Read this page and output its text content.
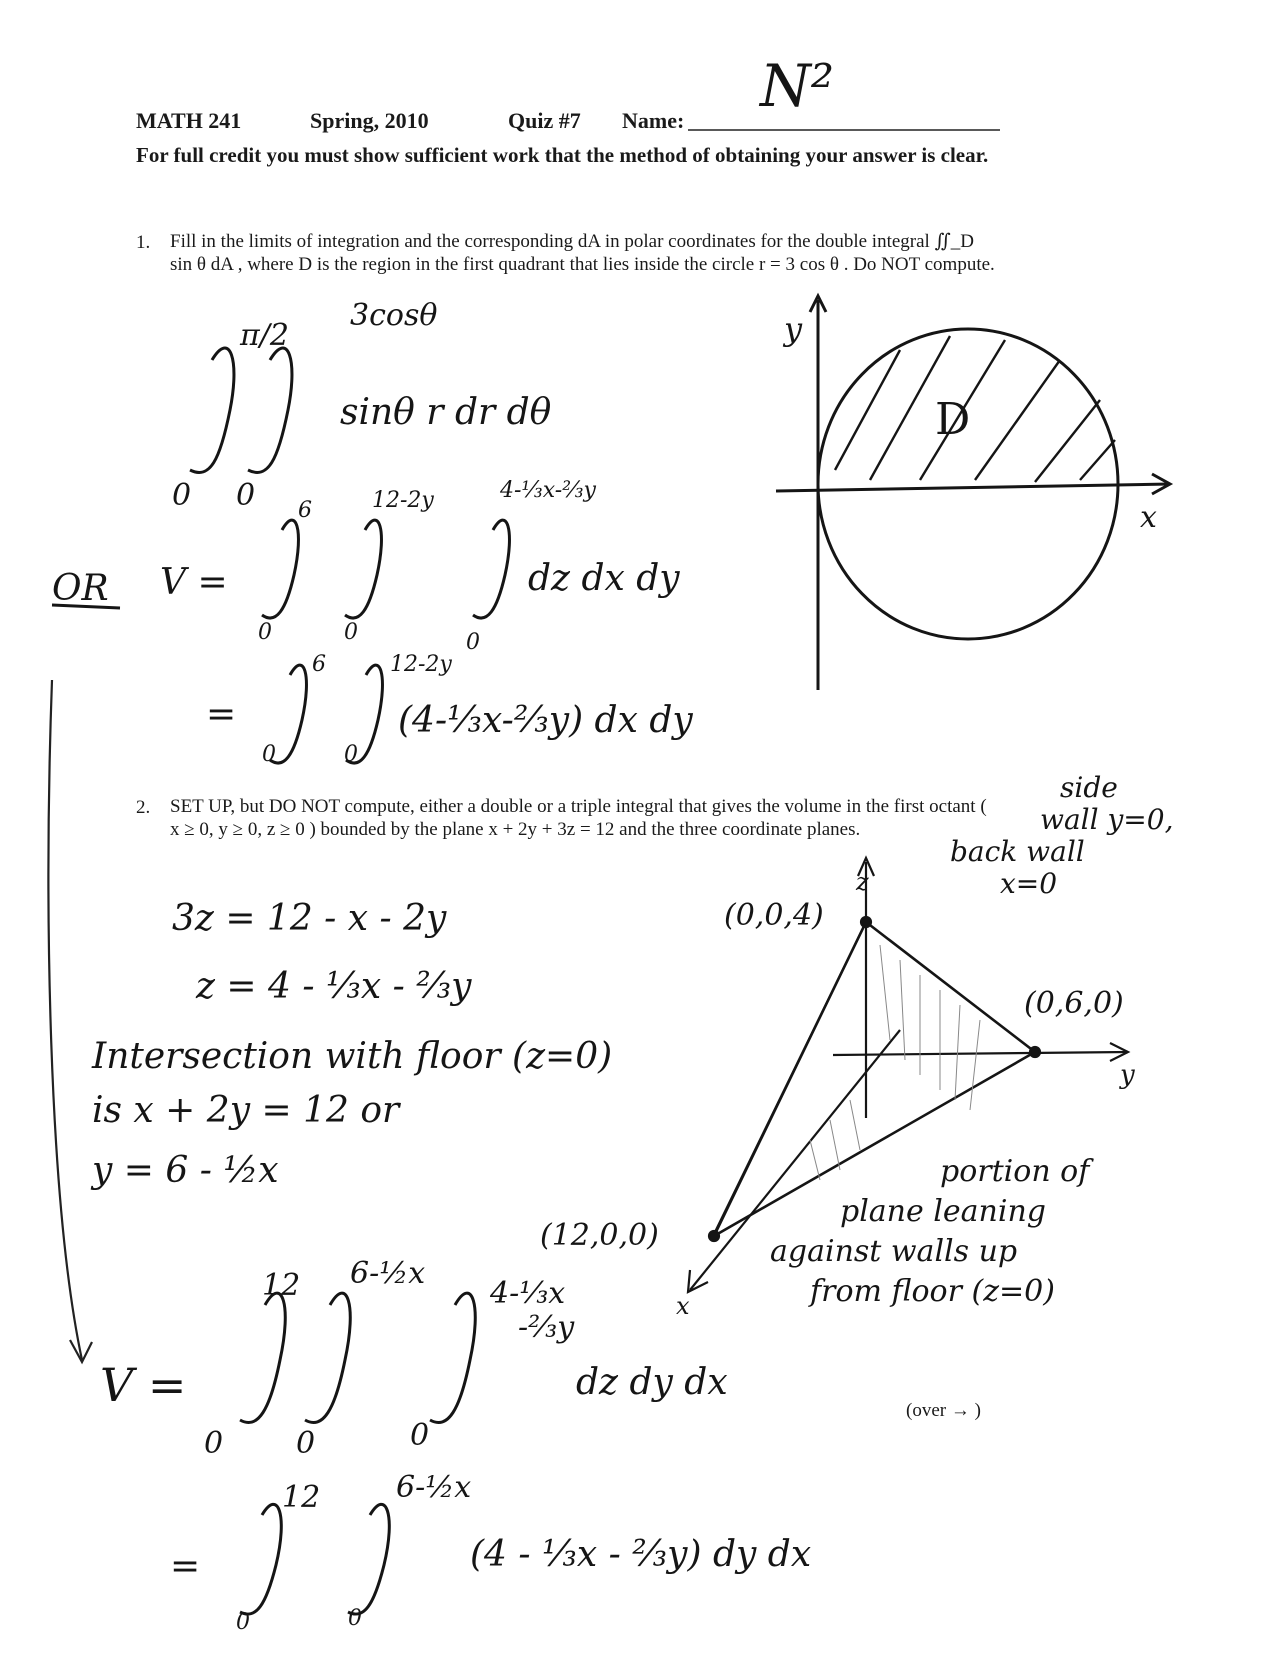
MATH 241	Spring, 2010	Quiz #7 Name:
N²
For full credit you must show sufficient work that the method of obtaining your answer is clear.
1. Fill in the limits of integration and the corresponding dA in polar coordinates for the double integral ∬_D sin θ dA , where D is the region in the first quadrant that lies inside the circle r = 3 cos θ . Do NOT compute.
π/2
3cosθ
sinθ r dr dθ
0 0
y
x
D
OR V =
6	12-2y	4-⅓x-⅔y
dz dx dy
0	0	0
=
6	12-2y
(4-⅓x-⅔y) dx dy
0	0
2. SET UP, but DO NOT compute, either a double or a triple integral that gives the volume in the first octant ( x ≥ 0, y ≥ 0, z ≥ 0 ) bounded by the plane x + 2y + 3z = 12 and the three coordinate planes.
side
wall y=0,
back wall
x=0
3z = 12 - x - 2y
z = 4 - ⅓x - ⅔y
Intersection with floor (z=0)
is x + 2y = 12 or
y = 6 - ½x
z
y
x
(0,0,4)
(0,6,0)
(12,0,0)
portion of
plane leaning
against walls up
from floor (z=0)
V =
12 6-½x
4-⅓x
-⅔y
dz dy dx
0 0	0
(over → )
=
12	6-½x
(4 - ⅓x - ⅔y) dy dx
0	0
